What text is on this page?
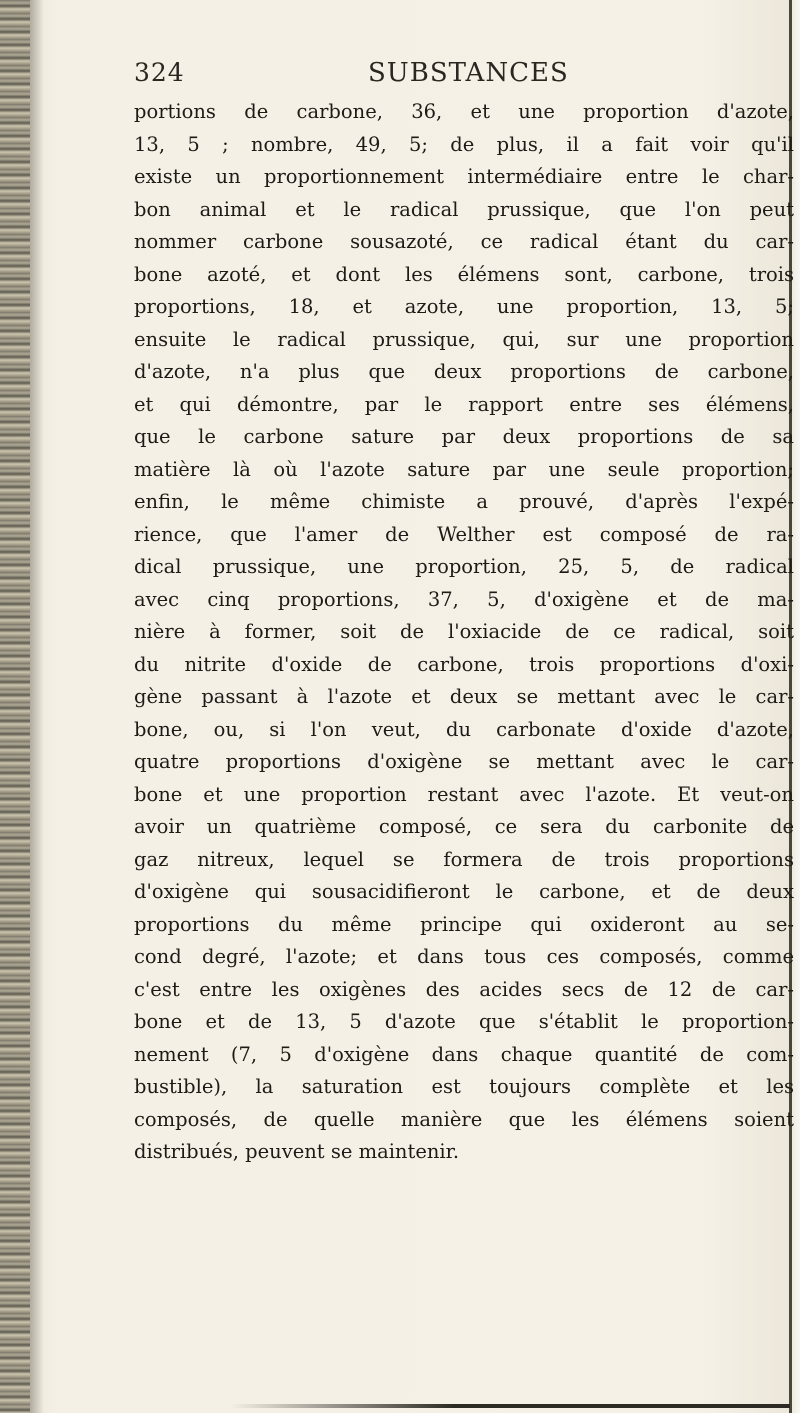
324	SUBSTANCES
portions de carbone, 36, et une proportion d'azote,
13, 5 ; nombre, 49, 5; de plus, il a fait voir qu'il
existe un proportionnement intermédiaire entre le char-
bon animal et le radical prussique, que l'on peut
nommer carbone sousazoté, ce radical étant du car-
bone azoté, et dont les élémens sont, carbone, trois
proportions, 18, et azote, une proportion, 13, 5;
ensuite le radical prussique, qui, sur une proportion
d'azote, n'a plus que deux proportions de carbone,
et qui démontre, par le rapport entre ses élémens,
que le carbone sature par deux proportions de sa
matière là où l'azote sature par une seule proportion;
enfin, le même chimiste a prouvé, d'après l'expé-
rience, que l'amer de Welther est composé de ra-
dical prussique, une proportion, 25, 5, de radical
avec cinq proportions, 37, 5, d'oxigène et de ma-
nière à former, soit de l'oxiacide de ce radical, soit
du nitrite d'oxide de carbone, trois proportions d'oxi-
gène passant à l'azote et deux se mettant avec le car-
bone, ou, si l'on veut, du carbonate d'oxide d'azote,
quatre proportions d'oxigène se mettant avec le car-
bone et une proportion restant avec l'azote. Et veut-on
avoir un quatrième composé, ce sera du carbonite de
gaz nitreux, lequel se formera de trois proportions
d'oxigène qui sousacidifieront le carbone, et de deux
proportions du même principe qui oxideront au se-
cond degré, l'azote; et dans tous ces composés, comme
c'est entre les oxigènes des acides secs de 12 de car-
bone et de 13, 5 d'azote que s'établit le proportion-
nement (7, 5 d'oxigène dans chaque quantité de com-
bustible), la saturation est toujours complète et les
composés, de quelle manière que les élémens soient
distribués, peuvent se maintenir.
